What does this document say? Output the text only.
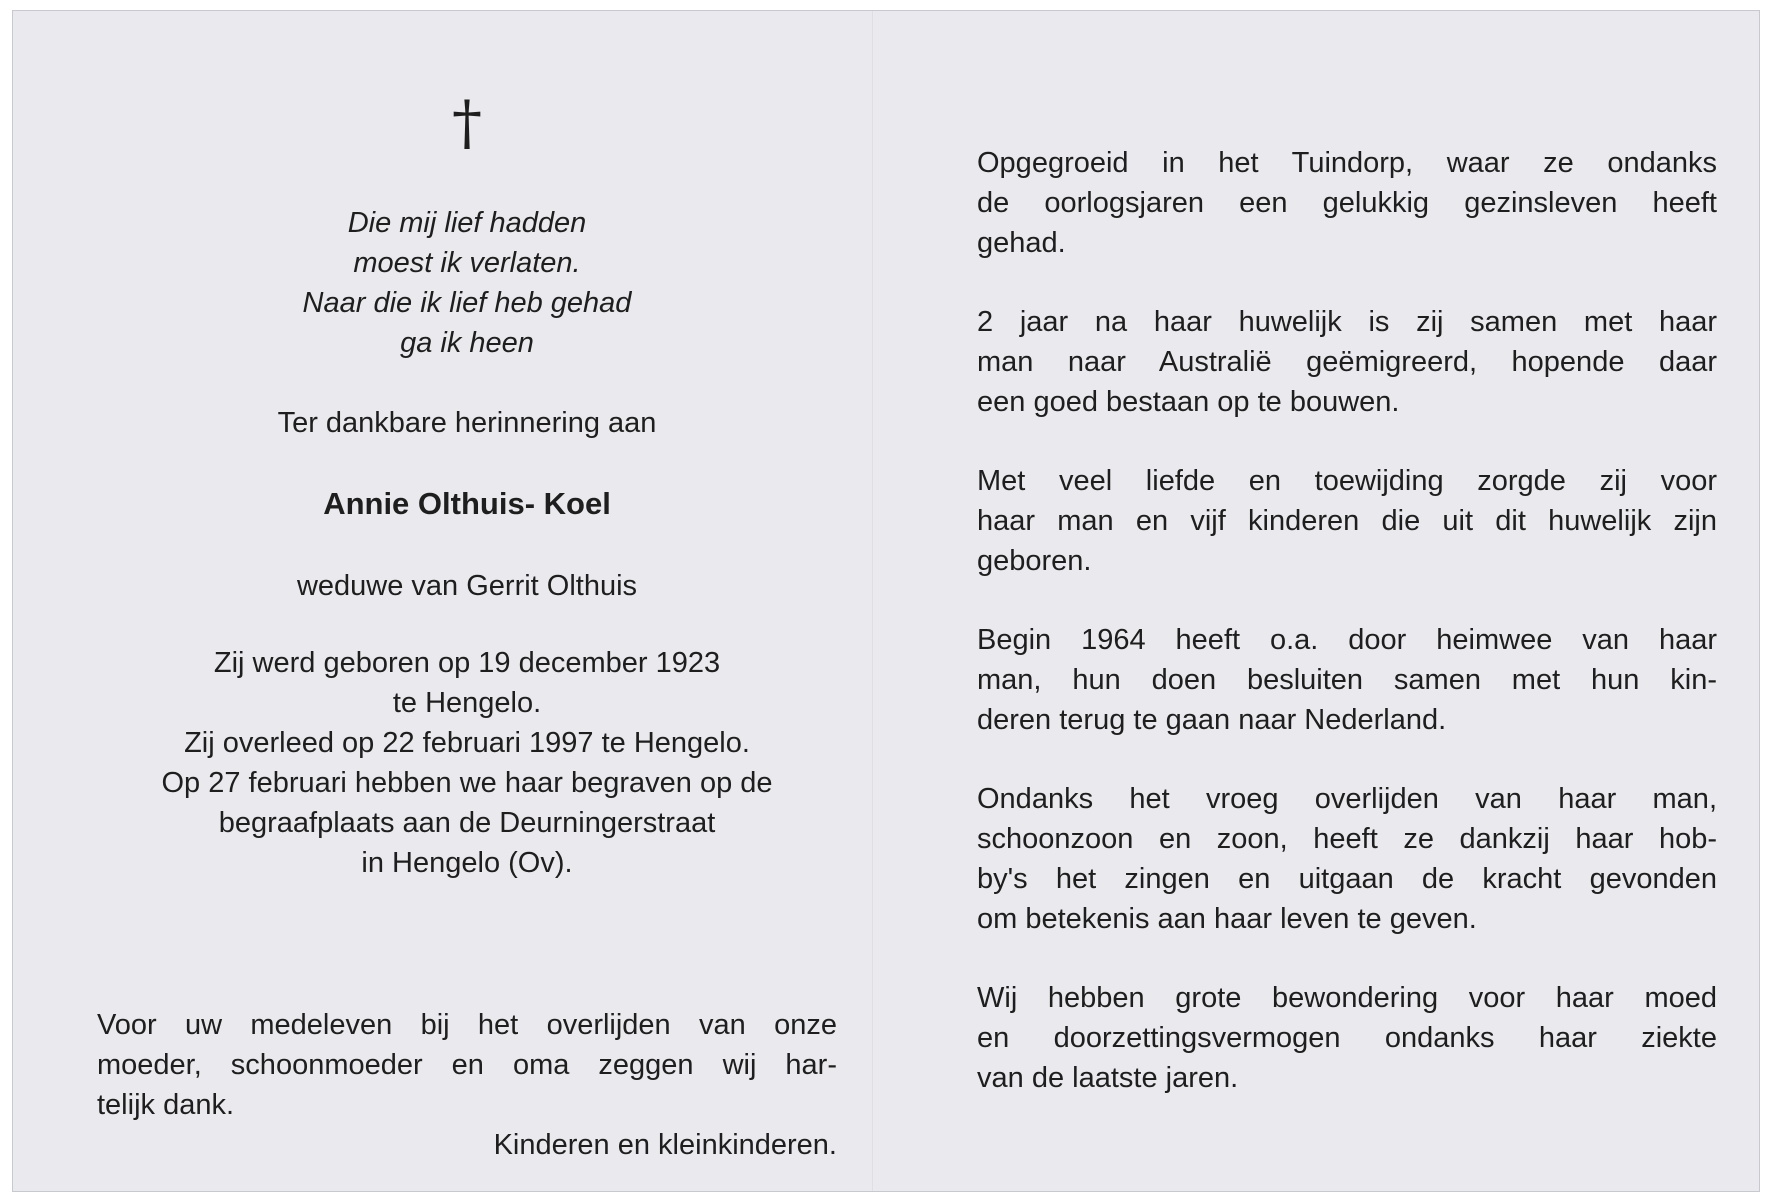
†
Die mij lief hadden
moest ik verlaten.
Naar die ik lief heb gehad
ga ik heen
Ter dankbare herinnering aan
Annie Olthuis- Koel
weduwe van Gerrit Olthuis
Zij werd geboren op 19 december 1923
te Hengelo.
Zij overleed op 22 februari 1997 te Hengelo.
Op 27 februari hebben we haar begraven op de
begraafplaats aan de Deurningerstraat
in Hengelo (Ov).
Voor uw medeleven bij het overlijden van onze
moeder, schoonmoeder en oma zeggen wij har-
telijk dank.
Kinderen en kleinkinderen.
Opgegroeid in het Tuindorp, waar ze ondanks
de oorlogsjaren een gelukkig gezinsleven heeft
gehad.
2 jaar na haar huwelijk is zij samen met haar
man naar Australië geëmigreerd, hopende daar
een goed bestaan op te bouwen.
Met veel liefde en toewijding zorgde zij voor
haar man en vijf kinderen die uit dit huwelijk zijn
geboren.
Begin 1964 heeft o.a. door heimwee van haar
man, hun doen besluiten samen met hun kin-
deren terug te gaan naar Nederland.
Ondanks het vroeg overlijden van haar man,
schoonzoon en zoon, heeft ze dankzij haar hob-
by's het zingen en uitgaan de kracht gevonden
om betekenis aan haar leven te geven.
Wij hebben grote bewondering voor haar moed
en doorzettingsvermogen ondanks haar ziekte
van de laatste jaren.
